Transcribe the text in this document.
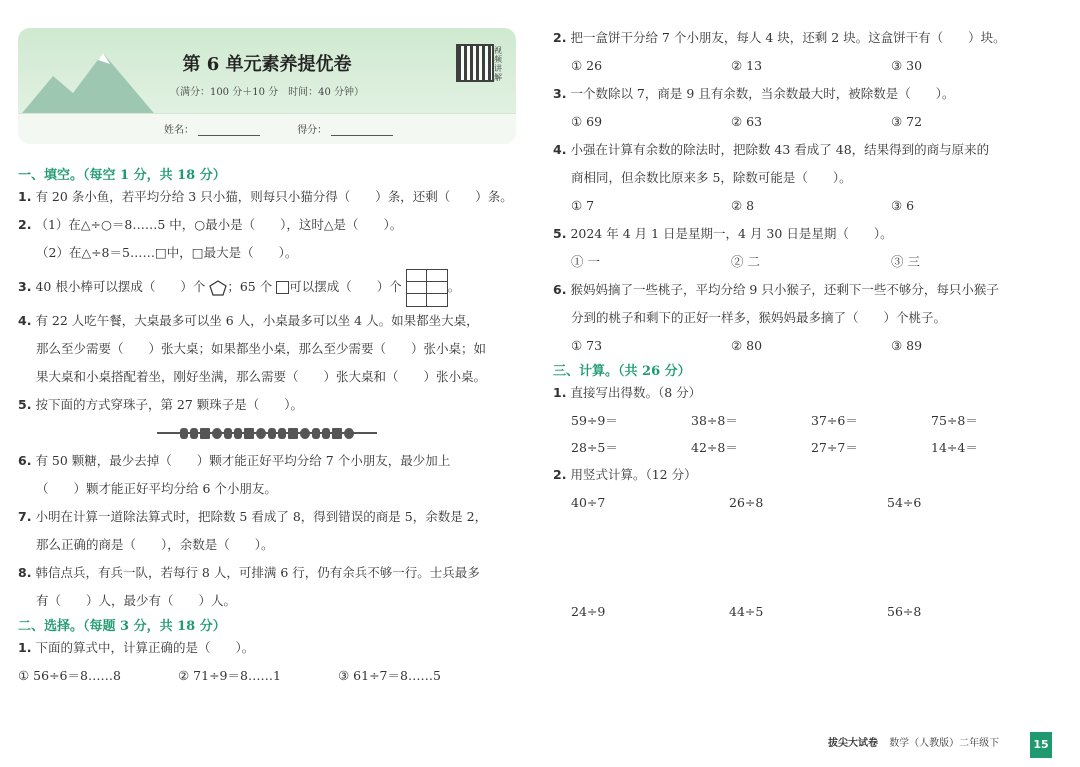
第 6 单元素养提优卷
（满分：100 分＋10 分　时间：40 分钟）
视频讲解
姓名：	得分：

一、填空。（每空 1 分，共 18 分）

1. 有 20 条小鱼，若平均分给 3 只小猫，则每只小猫分得（　　）条，还剩（　　）条。

2. （1）在△÷○＝8……5 中，○最小是（　　），这时△是（　　）。

（2）在△÷8＝5……□中，□最大是（　　）。

3. 40 根小棒可以摆成（　　）个 ；65 个 可以摆成（　　）个	。

4. 有 22 人吃午餐，大桌最多可以坐 6 人，小桌最多可以坐 4 人。如果都坐大桌，

那么至少需要（　　）张大桌；如果都坐小桌，那么至少需要（　　）张小桌；如

果大桌和小桌搭配着坐，刚好坐满，那么需要（　　）张大桌和（　　）张小桌。

5. 按下面的方式穿珠子，第 27 颗珠子是（　　）。

6. 有 50 颗糖，最少去掉（　　）颗才能正好平均分给 7 个小朋友，最少加上

（　　）颗才能正好平均分给 6 个小朋友。

7. 小明在计算一道除法算式时，把除数 5 看成了 8，得到错误的商是 5，余数是 2，

那么正确的商是（　　），余数是（　　）。

8. 韩信点兵，有兵一队，若每行 8 人，可排满 6 行，仍有余兵不够一行。士兵最多

有（　　）人，最少有（　　）人。

二、选择。（每题 3 分，共 18 分）

1. 下面的算式中，计算正确的是（　　）。

① 56÷6＝8……8	② 71÷9＝8……1	③ 61÷7＝8……5

2. 把一盒饼干分给 7 个小朋友，每人 4 块，还剩 2 块。这盒饼干有（　　）块。

① 26	② 13	③ 30

3. 一个数除以 7，商是 9 且有余数，当余数最大时，被除数是（　　）。

① 69	② 63	③ 72

4. 小强在计算有余数的除法时，把除数 43 看成了 48，结果得到的商与原来的

商相同，但余数比原来多 5，除数可能是（　　）。

① 7	② 8	③ 6

5. 2024 年 4 月 1 日是星期一，4 月 30 日是星期（　　）。

① 一	② 二	③ 三

6. 猴妈妈摘了一些桃子，平均分给 9 只小猴子，还剩下一些不够分，每只小猴子

分到的桃子和剩下的正好一样多，猴妈妈最多摘了（　　）个桃子。

① 73	② 80	③ 89

三、计算。（共 26 分）

1. 直接写出得数。（8 分）

59÷9＝	38÷8＝	37÷6＝	75÷8＝
28÷5＝	42÷8＝	27÷7＝	14÷4＝

2. 用竖式计算。（12 分）

40÷7	26÷8	54÷6
24÷9	44÷5	56÷8
拔尖大试卷 数学（人教版）二年级下	15
